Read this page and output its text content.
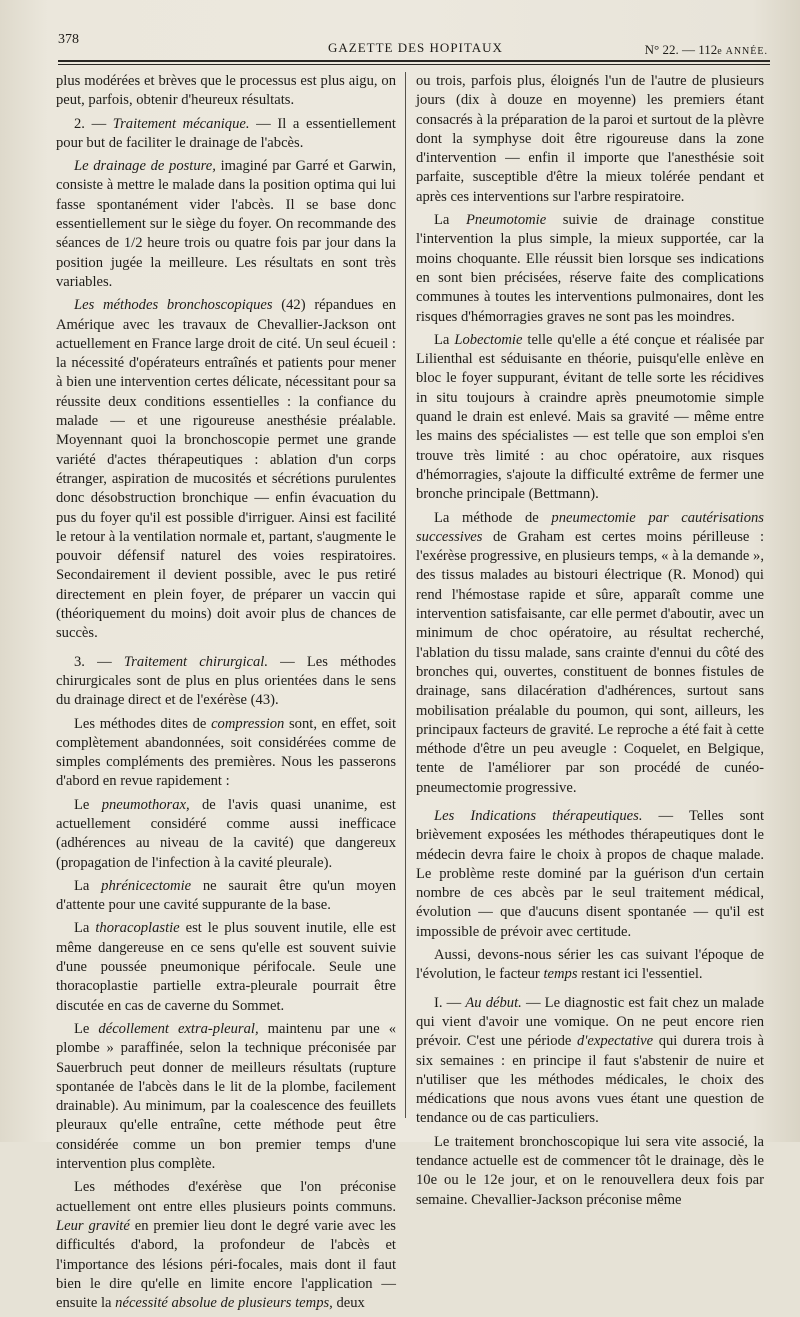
378
GAZETTE DES HOPITAUX	N° 22. — 112e ANNÉE.

plus modérées et brèves que le processus est plus aigu, on peut, parfois, obtenir d'heureux résultats.

2. — Traitement mécanique. — Il a essentiellement pour but de faciliter le drainage de l'abcès.

Le drainage de posture, imaginé par Garré et Garwin, consiste à mettre le malade dans la position optima qui lui fasse spontanément vider l'abcès. Il se base donc essentiellement sur le siège du foyer. On recommande des séances de 1/2 heure trois ou quatre fois par jour dans la position jugée la meilleure. Les résultats en sont très variables.

Les méthodes bronchoscopiques (42) répandues en Amérique avec les travaux de Chevallier-Jackson ont actuellement en France large droit de cité. Un seul écueil : la nécessité d'opérateurs entraînés et patients pour mener à bien une intervention certes délicate, nécessitant pour sa réussite deux conditions essentielles : la confiance du malade — et une rigoureuse anesthésie préalable. Moyennant quoi la bronchoscopie permet une grande variété d'actes thérapeutiques : ablation d'un corps étranger, aspiration de mucosités et sécrétions purulentes donc désobstruction bronchique — enfin évacuation du pus du foyer qu'il est possible d'irriguer. Ainsi est facilité le retour à la ventilation normale et, partant, s'augmente le pouvoir défensif naturel des voies respiratoires. Secondairement il devient possible, avec le pus retiré directement en plein foyer, de préparer un vaccin qui (théoriquement du moins) doit avoir plus de chances de succès.

3. — Traitement chirurgical. — Les méthodes chirurgicales sont de plus en plus orientées dans le sens du drainage direct et de l'exérèse (43).

Les méthodes dites de compression sont, en effet, soit complètement abandonnées, soit considérées comme de simples compléments des premières. Nous les passerons d'abord en revue rapidement :

Le pneumothorax, de l'avis quasi unanime, est actuellement considéré comme aussi inefficace (adhérences au niveau de la cavité) que dangereux (propagation de l'infection à la cavité pleurale).

La phrénicectomie ne saurait être qu'un moyen d'attente pour une cavité suppurante de la base.

La thoracoplastie est le plus souvent inutile, elle est même dangereuse en ce sens qu'elle est souvent suivie d'une poussée pneumonique périfocale. Seule une thoracoplastie partielle extra-pleurale pourrait être discutée en cas de caverne du Sommet.

Le décollement extra-pleural, maintenu par une « plombe » paraffinée, selon la technique préconisée par Sauerbruch peut donner de meilleurs résultats (rupture spontanée de l'abcès dans le lit de la plombe, facilement drainable). Au minimum, par la coalescence des feuillets pleuraux qu'elle entraîne, cette méthode peut être considérée comme un bon premier temps d'une intervention plus complète.

Les méthodes d'exérèse que l'on préconise actuellement ont entre elles plusieurs points communs. Leur gravité en premier lieu dont le degré varie avec les difficultés d'abord, la profondeur de l'abcès et l'importance des lésions péri-focales, mais dont il faut bien le dire qu'elle en limite encore l'application — ensuite la nécessité absolue de plusieurs temps, deux

ou trois, parfois plus, éloignés l'un de l'autre de plusieurs jours (dix à douze en moyenne) les premiers étant consacrés à la préparation de la paroi et surtout de la plèvre dont la symphyse doit être rigoureuse dans la zone d'intervention — enfin il importe que l'anesthésie soit parfaite, susceptible d'être la mieux tolérée pendant et après ces interventions sur l'arbre respiratoire.

La Pneumotomie suivie de drainage constitue l'intervention la plus simple, la mieux supportée, car la moins choquante. Elle réussit bien lorsque ses indications en sont bien précisées, réserve faite des complications communes à toutes les interventions pulmonaires, dont les risques d'hémorragies graves ne sont pas les moindres.

La Lobectomie telle qu'elle a été conçue et réalisée par Lilienthal est séduisante en théorie, puisqu'elle enlève en bloc le foyer suppurant, évitant de telle sorte les récidives in situ toujours à craindre après pneumotomie simple quand le drain est enlevé. Mais sa gravité — même entre les mains des spécialistes — est telle que son emploi s'en trouve très limité : au choc opératoire, aux risques d'hémorragies, s'ajoute la difficulté extrême de fermer une bronche principale (Bettmann).

La méthode de pneumectomie par cautérisations successives de Graham est certes moins périlleuse : l'exérèse progressive, en plusieurs temps, « à la demande », des tissus malades au bistouri électrique (R. Monod) qui rend l'hémostase rapide et sûre, apparaît comme une intervention satisfaisante, car elle permet d'aboutir, avec un minimum de choc opératoire, au résultat recherché, l'ablation du tissu malade, sans crainte d'ennui du côté des bronches qui, ouvertes, constituent de bonnes fistules de drainage, sans dilacération d'adhérences, surtout sans mobilisation préalable du poumon, qui sont, ailleurs, les principaux facteurs de gravité. Le reproche a été fait à cette méthode d'être un peu aveugle : Coquelet, en Belgique, tente de l'améliorer par son procédé de cunéo-pneumectomie progressive.

Les Indications thérapeutiques. — Telles sont brièvement exposées les méthodes thérapeutiques dont le médecin devra faire le choix à propos de chaque malade. Le problème reste dominé par la guérison d'un certain nombre de ces abcès par le seul traitement médical, évolution — que d'aucuns disent spontanée — qu'il est impossible de prévoir avec certitude.

Aussi, devons-nous sérier les cas suivant l'époque de l'évolution, le facteur temps restant ici l'essentiel.

I. — Au début. — Le diagnostic est fait chez un malade qui vient d'avoir une vomique. On ne peut encore rien prévoir. C'est une période d'expectative qui durera trois à six semaines : en principe il faut s'abstenir de nuire et n'utiliser que les méthodes médicales, le choix des médications que nous avons vues étant une question de tendance ou de cas particuliers.

Le traitement bronchoscopique lui sera vite associé, la tendance actuelle est de commencer tôt le drainage, dès le 10e ou le 12e jour, et on le renouvellera deux fois par semaine. Chevallier-Jackson préconise même
